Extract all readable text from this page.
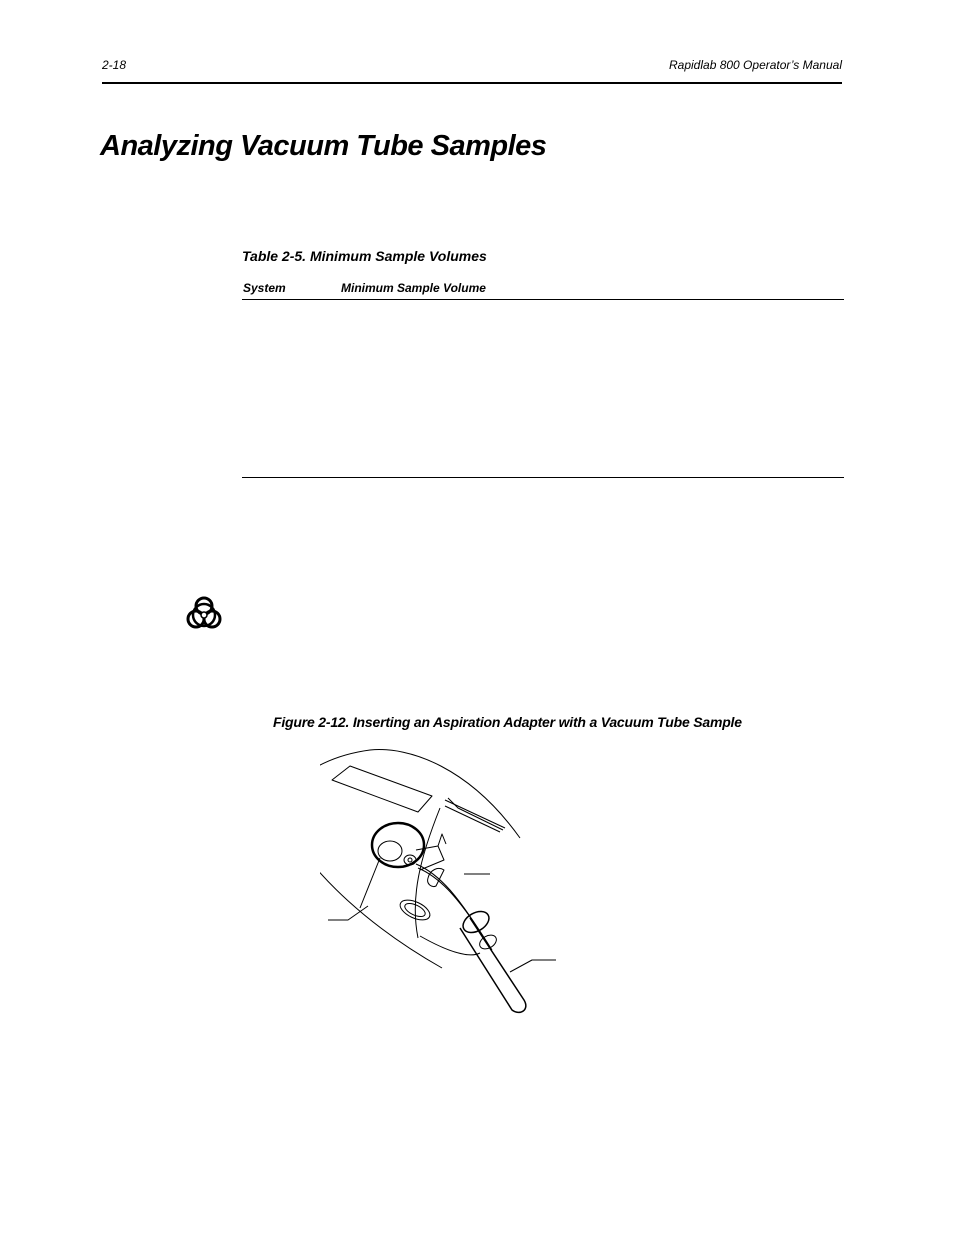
2-18	Rapidlab 800 Operator’s Manual
Analyzing Vacuum Tube Samples
Table 2-5. Minimum Sample Volumes
System	Minimum Sample Volume
Figure 2-12. Inserting an Aspiration Adapter with a Vacuum Tube Sample
